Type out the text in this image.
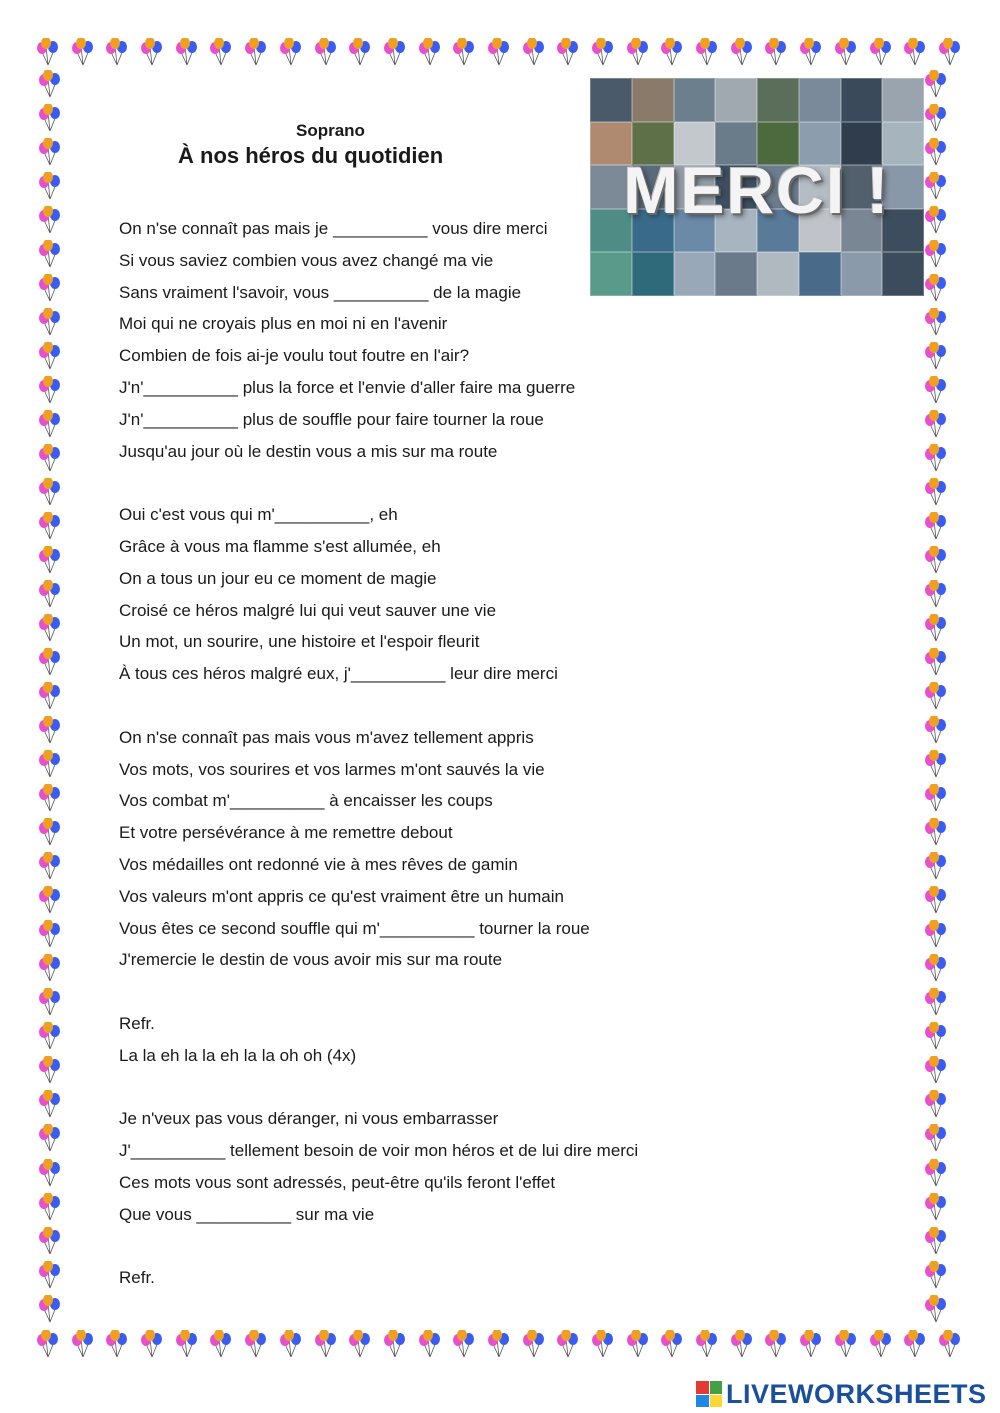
Soprano
À nos héros du quotidien	MERCI !
On n'se connaît pas mais je __________ vous dire merci
Si vous saviez combien vous avez changé ma vie
Sans vraiment l'savoir, vous __________ de la magie
Moi qui ne croyais plus en moi ni en l'avenir
Combien de fois ai-je voulu tout foutre en l'air?
J'n'__________ plus la force et l'envie d'aller faire ma guerre
J'n'__________ plus de souffle pour faire tourner la roue
Jusqu'au jour où le destin vous a mis sur ma route
Oui c'est vous qui m'__________, eh
Grâce à vous ma flamme s'est allumée, eh
On a tous un jour eu ce moment de magie
Croisé ce héros malgré lui qui veut sauver une vie
Un mot, un sourire, une histoire et l'espoir fleurit
À tous ces héros malgré eux, j'__________ leur dire merci
On n'se connaît pas mais vous m'avez tellement appris
Vos mots, vos sourires et vos larmes m'ont sauvés la vie
Vos combat m'__________ à encaisser les coups
Et votre persévérance à me remettre debout
Vos médailles ont redonné vie à mes rêves de gamin
Vos valeurs m'ont appris ce qu'est vraiment être un humain
Vous êtes ce second souffle qui m'__________ tourner la roue
J'remercie le destin de vous avoir mis sur ma route
Refr.
La la eh la la eh la la oh oh (4x)
Je n'veux pas vous déranger, ni vous embarrasser
J'__________ tellement besoin de voir mon héros et de lui dire merci
Ces mots vous sont adressés, peut-être qu'ils feront l'effet
Que vous __________ sur ma vie
Refr.
LIVEWORKSHEETS
